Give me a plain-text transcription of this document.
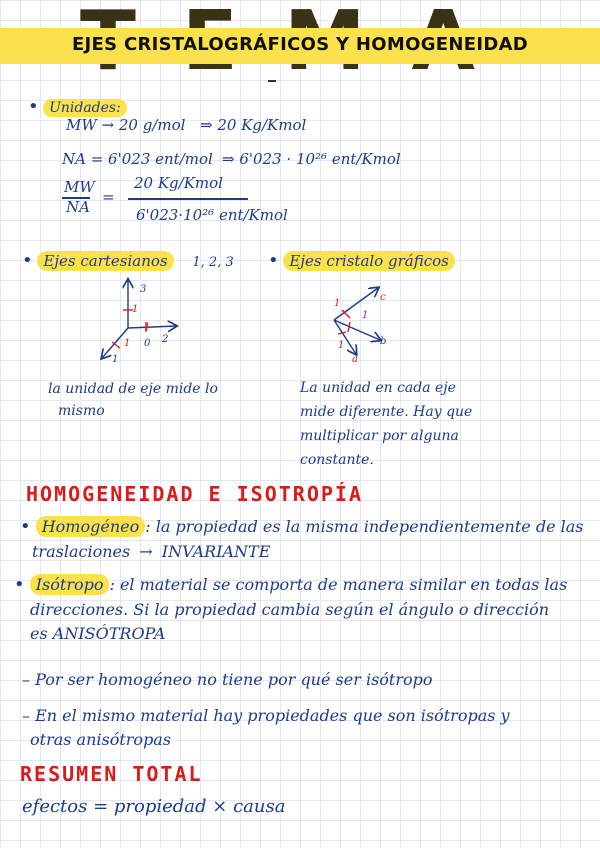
EJES CRISTALOGRÁFICOS Y HOMOGENEIDAD
• Unidades:
MW → 20 g/mol ⇒ 20 Kg/Kmol
NA = 6'023 ent/mol ⇒ 6'023 · 10²⁶ ent/Kmol
MW
NA
=
20 Kg/Kmol
6'023·10²⁶ ent/Kmol
• Ejes cartesianos 1, 2, 3
3
2
1
0
1
1
1
la unidad de eje mide lo
mismo
• Ejes cristalo gráficos
c
b
a
1
1
1
La unidad en cada eje
mide diferente. Hay que
multiplicar por alguna
constante.
HOMOGENEIDAD E ISOTROPÍA
• Homogéneo : la propiedad es la misma independientemente de las
traslaciones → INVARIANTE
• Isótropo : el material se comporta de manera similar en todas las
direcciones. Si la propiedad cambia según el ángulo o dirección
es ANISÓTROPA
– Por ser homogéneo no tiene por qué ser isótropo
– En el mismo material hay propiedades que son isótropas y
otras anisótropas
RESUMEN TOTAL
efectos = propiedad × causa
